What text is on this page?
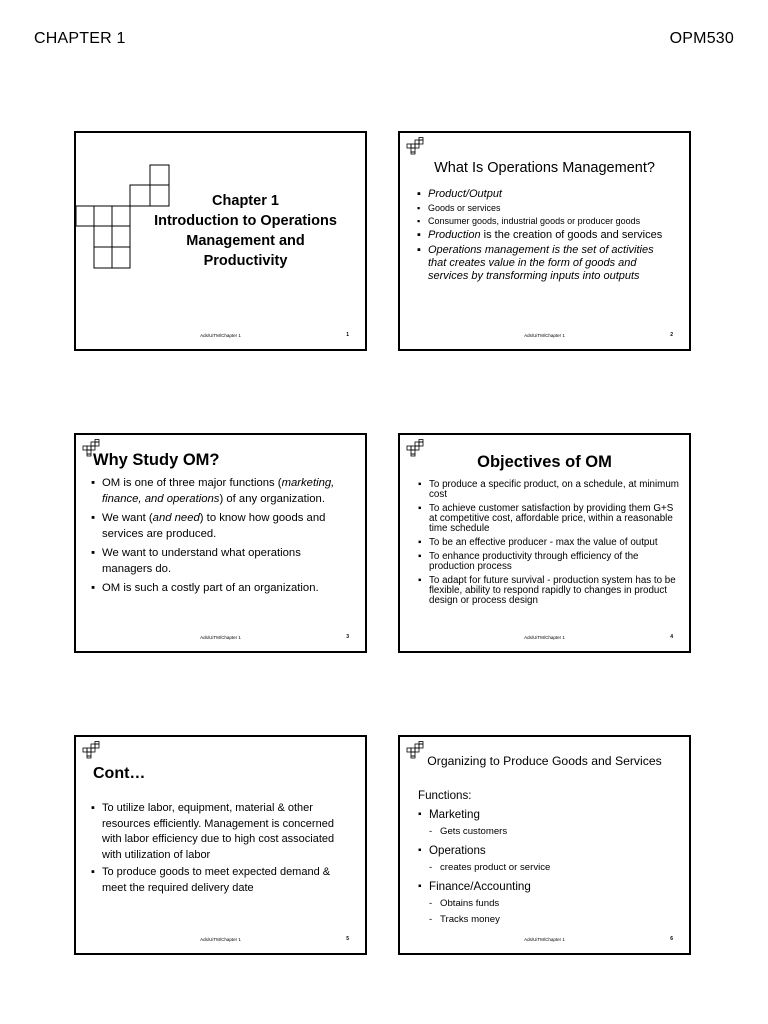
CHAPTER 1	OPM530
Chapter 1
Introduction to Operations
Management and
Productivity
Ads/UiTM/Chapter 1	1
What Is Operations Management?
▪ Product/Output
▪ Goods or services
▪ Consumer goods, industrial goods or producer goods
▪ Production is the creation of goods and services
▪ Operations management is the set of activities that creates value in the form of goods and services by transforming inputs into outputs
Ads/UiTM/Chapter 1	2
Why Study OM?
▪ OM is one of three major functions (marketing, finance, and operations) of any organization.
▪ We want (and need) to know how goods and services are produced.
▪ We want to understand what operations managers do.
▪ OM is such a costly part of an organization.
Ads/UiTM/Chapter 1	3
Objectives of OM
▪ To produce a specific product, on a schedule, at minimum cost
▪ To achieve customer satisfaction by providing them G+S at competitive cost, affordable price, within a reasonable time schedule
▪ To be an effective producer - max the value of output
▪ To enhance productivity through efficiency of the production process
▪ To adapt for future survival - production system has to be flexible, ability to respond rapidly to changes in product design or process design
Ads/UiTM/Chapter 1	4
Cont…
▪ To utilize labor, equipment, material & other resources efficiently. Management is concerned with labor efficiency due to high cost associated with utilization of labor
▪ To produce goods to meet expected demand & meet the required delivery date
Ads/UiTM/Chapter 1	5
Organizing to Produce Goods and Services
Functions:
▪ Marketing
- Gets customers
▪ Operations
- creates product or service
▪ Finance/Accounting
- Obtains funds
- Tracks money
Ads/UiTM/Chapter 1	6
